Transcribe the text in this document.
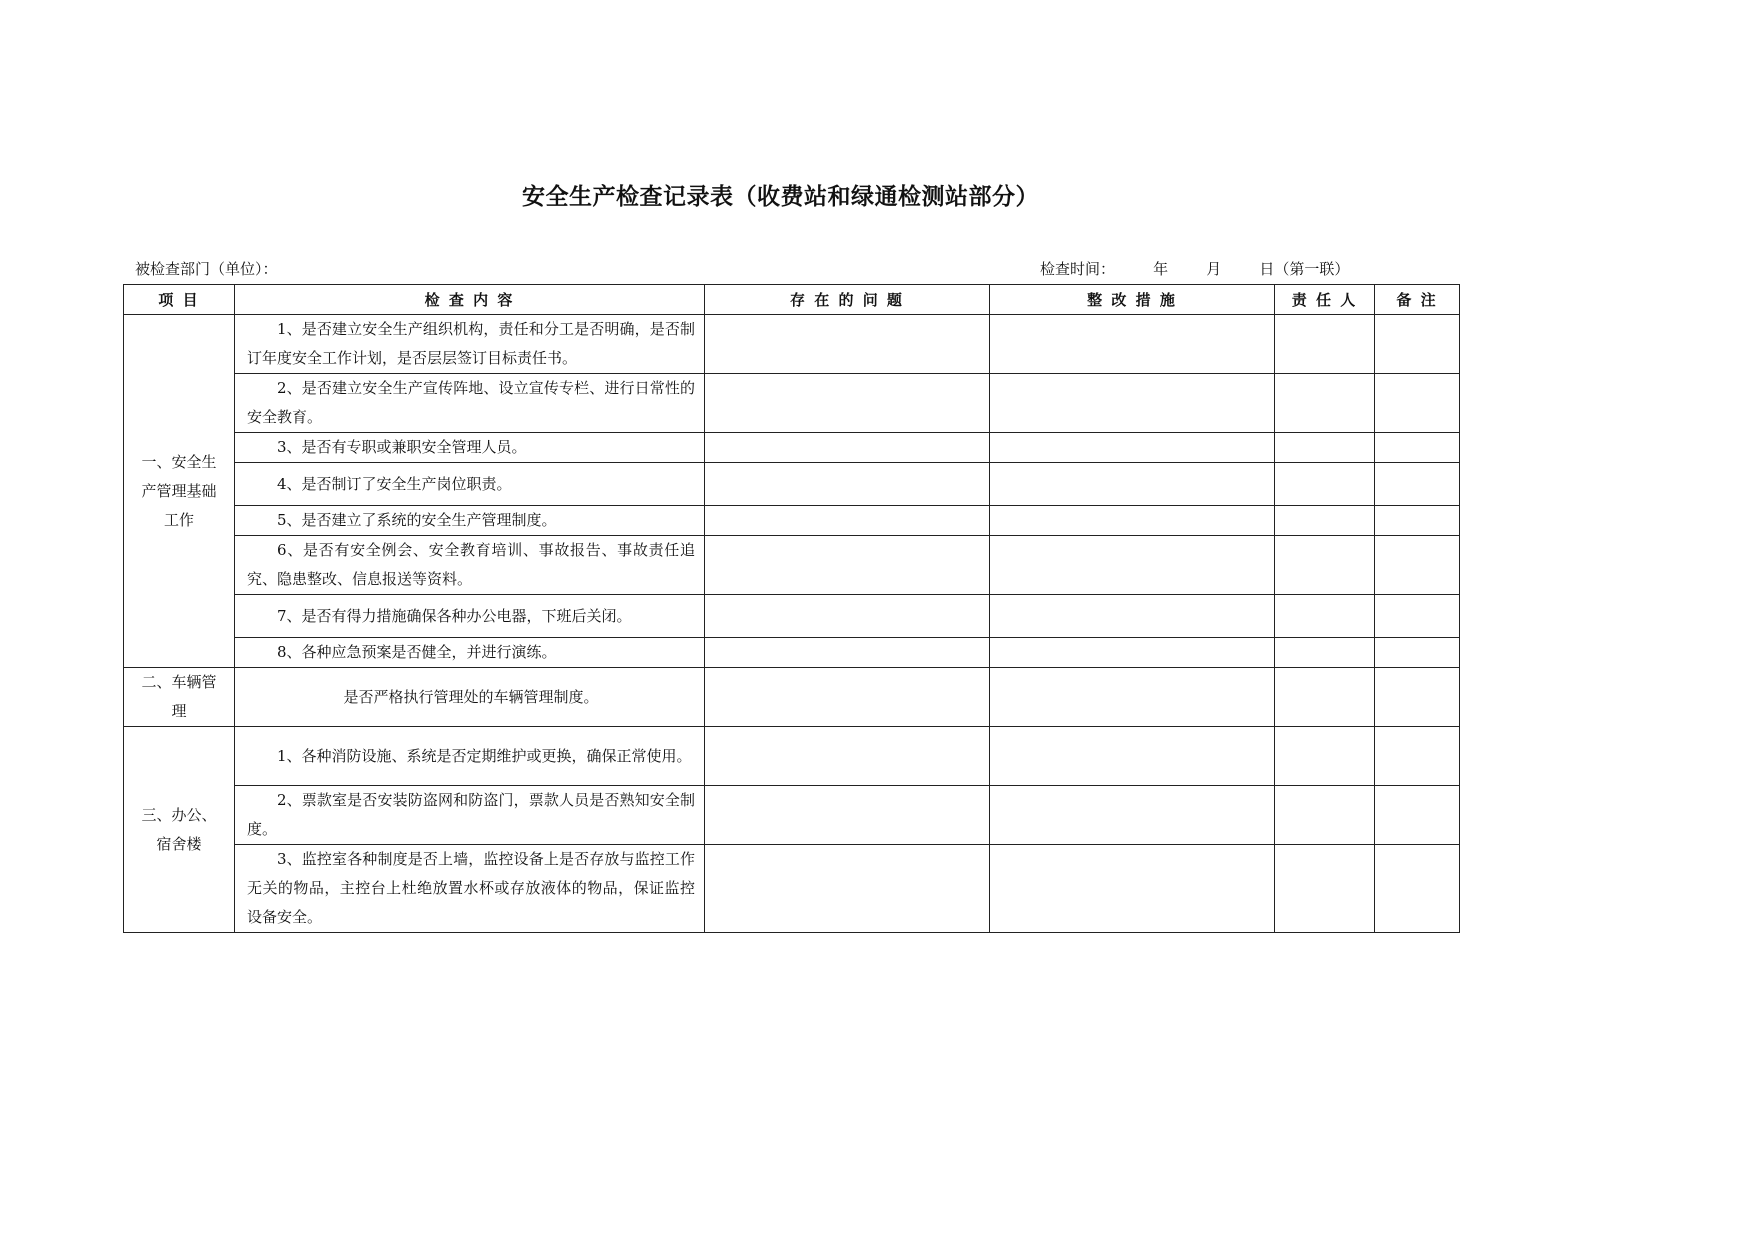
安全生产检查记录表（收费站和绿通检测站部分）
被检查部门（单位）：	检查时间：        年        月        日（第一联）
项 目	检 查 内 容	存 在 的 问 题	整 改 措 施	责 任 人	备 注
一、安全生产管理基础工作	1、是否建立安全生产组织机构，责任和分工是否明确，是否制订年度安全工作计划，是否层层签订目标责任书。				
	2、是否建立安全生产宣传阵地、设立宣传专栏、进行日常性的安全教育。				
	3、是否有专职或兼职安全管理人员。				
	4、是否制订了安全生产岗位职责。				
	5、是否建立了系统的安全生产管理制度。				
	6、是否有安全例会、安全教育培训、事故报告、事故责任追究、隐患整改、信息报送等资料。				
	7、是否有得力措施确保各种办公电器，下班后关闭。				
	8、各种应急预案是否健全，并进行演练。				
二、车辆管理	是否严格执行管理处的车辆管理制度。				
三、办公、宿舍楼	1、各种消防设施、系统是否定期维护或更换，确保正常使用。				
	2、票款室是否安装防盗网和防盗门，票款人员是否熟知安全制度。				
	3、监控室各种制度是否上墙，监控设备上是否存放与监控工作无关的物品，主控台上杜绝放置水杯或存放液体的物品，保证监控设备安全。				
